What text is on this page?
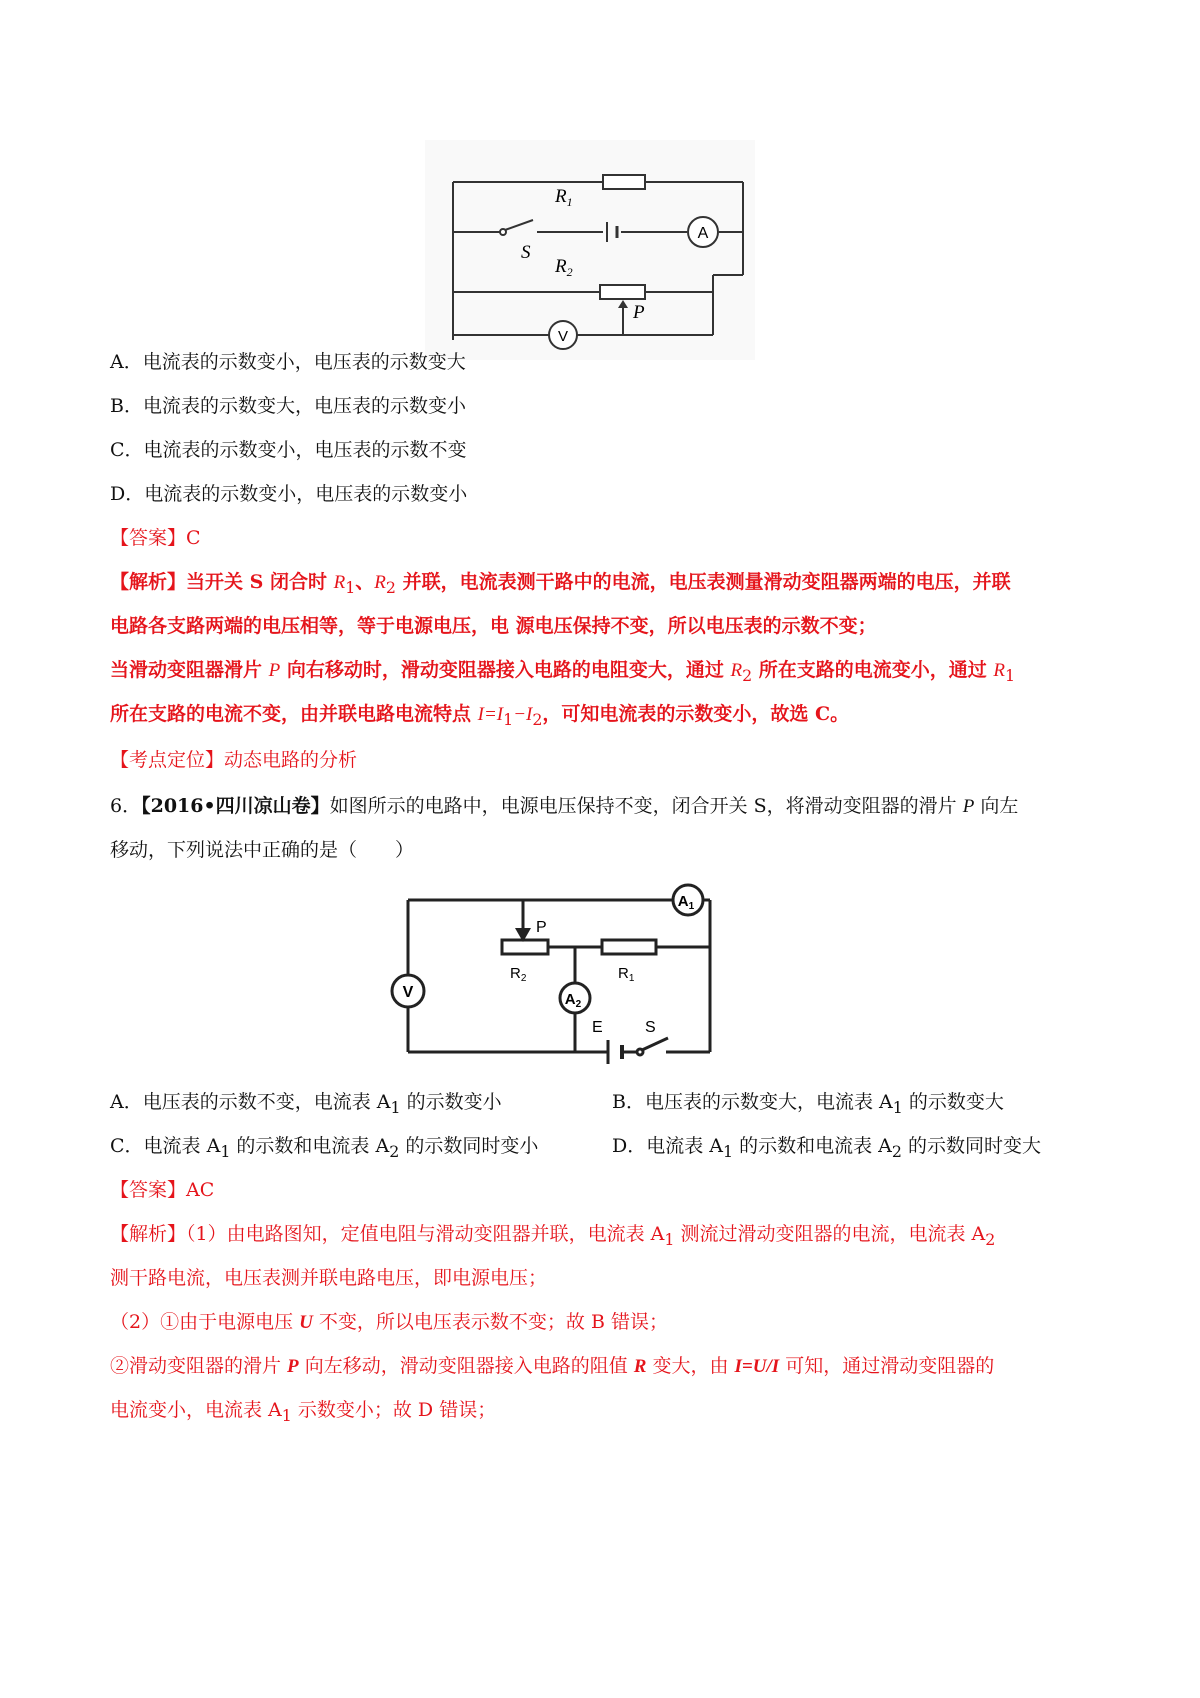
A
V
$R_1$
S
$R_2$
P
A．电流表的示数变小，电压表的示数变大
B．电流表的示数变大，电压表的示数变小
C．电流表的示数变小，电压表的示数不变
D．电流表的示数变小，电压表的示数变小
【答案】C
【解析】当开关 S 闭合时 $R_1$、$R_2$ 并联，电流表测干路中的电流，电压表测量滑动变阻器两端的电压，并联
电路各支路两端的电压相等，等于电源电压，电 源电压保持不变，所以电压表的示数不变；
当滑动变阻器滑片 P 向右移动时，滑动变阻器接入电路的电阻变大，通过 $R_2$ 所在支路的电流变小，通过 $R_1$
所在支路的电流不变，由并联电路电流特点 $I=I_1-I_2$，可知电流表的示数变小，故选 C。
【考点定位】动态电路的分析
6．【2016•四川凉山卷】如图所示的电路中，电源电压保持不变，闭合开关 S，将滑动变阻器的滑片 P 向左
移动，下列说法中正确的是（　　）
$A_1$
V	$A_2$
P
$R_2$	$R_1$
E	S
A．电压表的示数不变，电流表 $A_1$ 的示数变小	B．电压表的示数变大，电流表 $A_1$ 的示数变大
C．电流表 $A_1$ 的示数和电流表 $A_2$ 的示数同时变小	D．电流表 $A_1$ 的示数和电流表 $A_2$ 的示数同时变大
【答案】AC
【解析】（1）由电路图知，定值电阻与滑动变阻器并联，电流表 $A_1$ 测流过滑动变阻器的电流，电流表 $A_2$
测干路电流，电压表测并联电路电压，即电源电压；
（2）①由于电源电压 U 不变，所以电压表示数不变；故 B 错误；
②滑动变阻器的滑片 P 向左移动，滑动变阻器接入电路的阻值 R 变大，由 I=U/I 可知，通过滑动变阻器的
电流变小，电流表 $A_1$ 示数变小；故 D 错误；
